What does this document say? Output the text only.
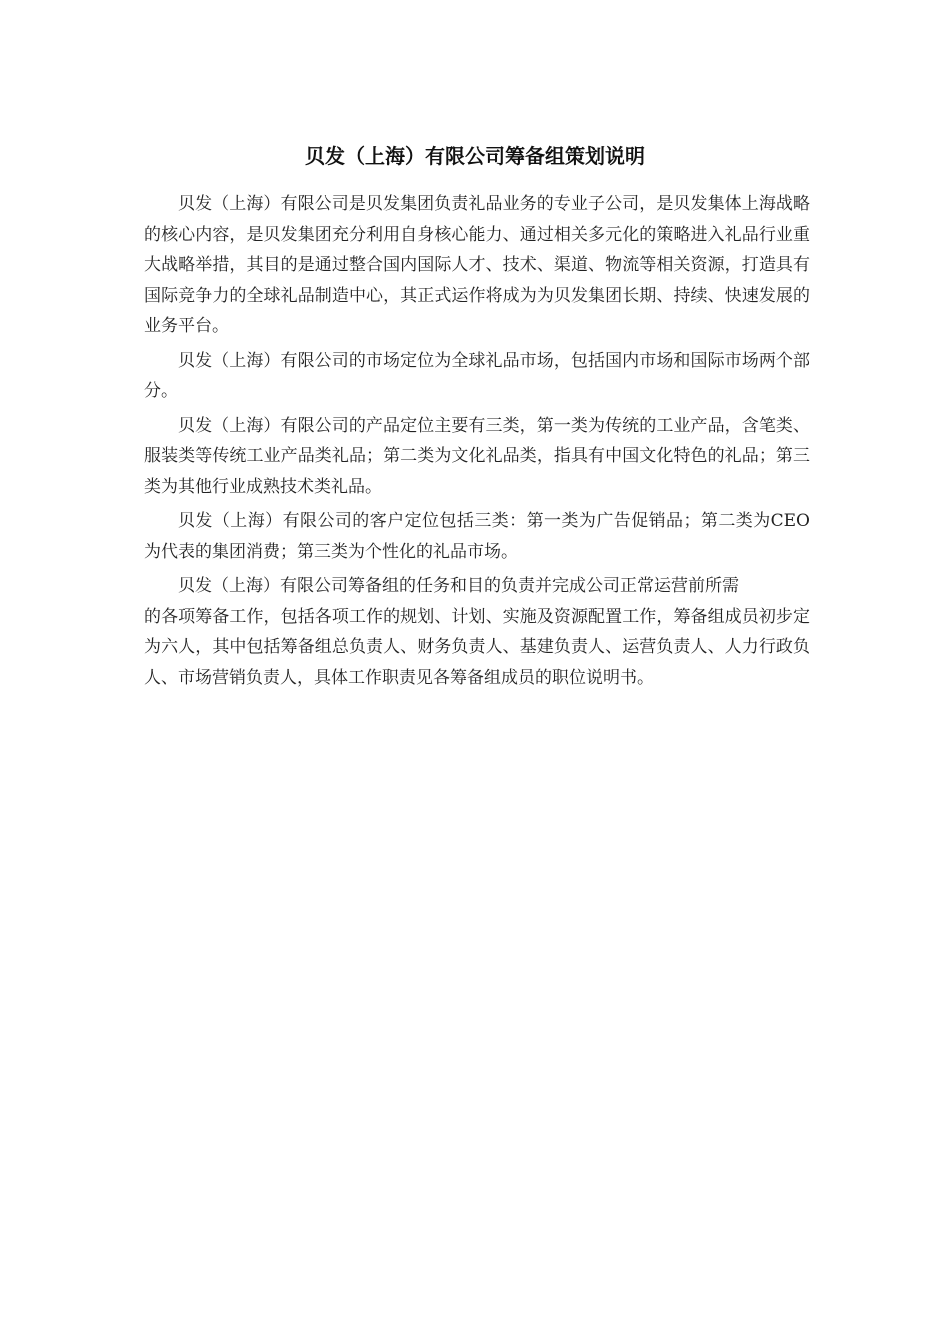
贝发（上海）有限公司筹备组策划说明

贝发（上海）有限公司是贝发集团负责礼品业务的专业子公司，是贝发集体上海战略的核心内容，是贝发集团充分利用自身核心能力、通过相关多元化的策略进入礼品行业重大战略举措，其目的是通过整合国内国际人才、技术、渠道、物流等相关资源，打造具有国际竞争力的全球礼品制造中心，其正式运作将成为为贝发集团长期、持续、快速发展的业务平台。

贝发（上海）有限公司的市场定位为全球礼品市场，包括国内市场和国际市场两个部分。

贝发（上海）有限公司的产品定位主要有三类，第一类为传统的工业产品，含笔类、服装类等传统工业产品类礼品；第二类为文化礼品类，指具有中国文化特色的礼品；第三类为其他行业成熟技术类礼品。

贝发（上海）有限公司的客户定位包括三类：第一类为广告促销品；第二类为CEO为代表的集团消费；第三类为个性化的礼品市场。

贝发（上海）有限公司筹备组的任务和目的负责并完成公司正常运营前所需

的各项筹备工作，包括各项工作的规划、计划、实施及资源配置工作，筹备组成员初步定为六人，其中包括筹备组总负责人、财务负责人、基建负责人、运营负责人、人力行政负人、市场营销负责人，具体工作职责见各筹备组成员的职位说明书。
